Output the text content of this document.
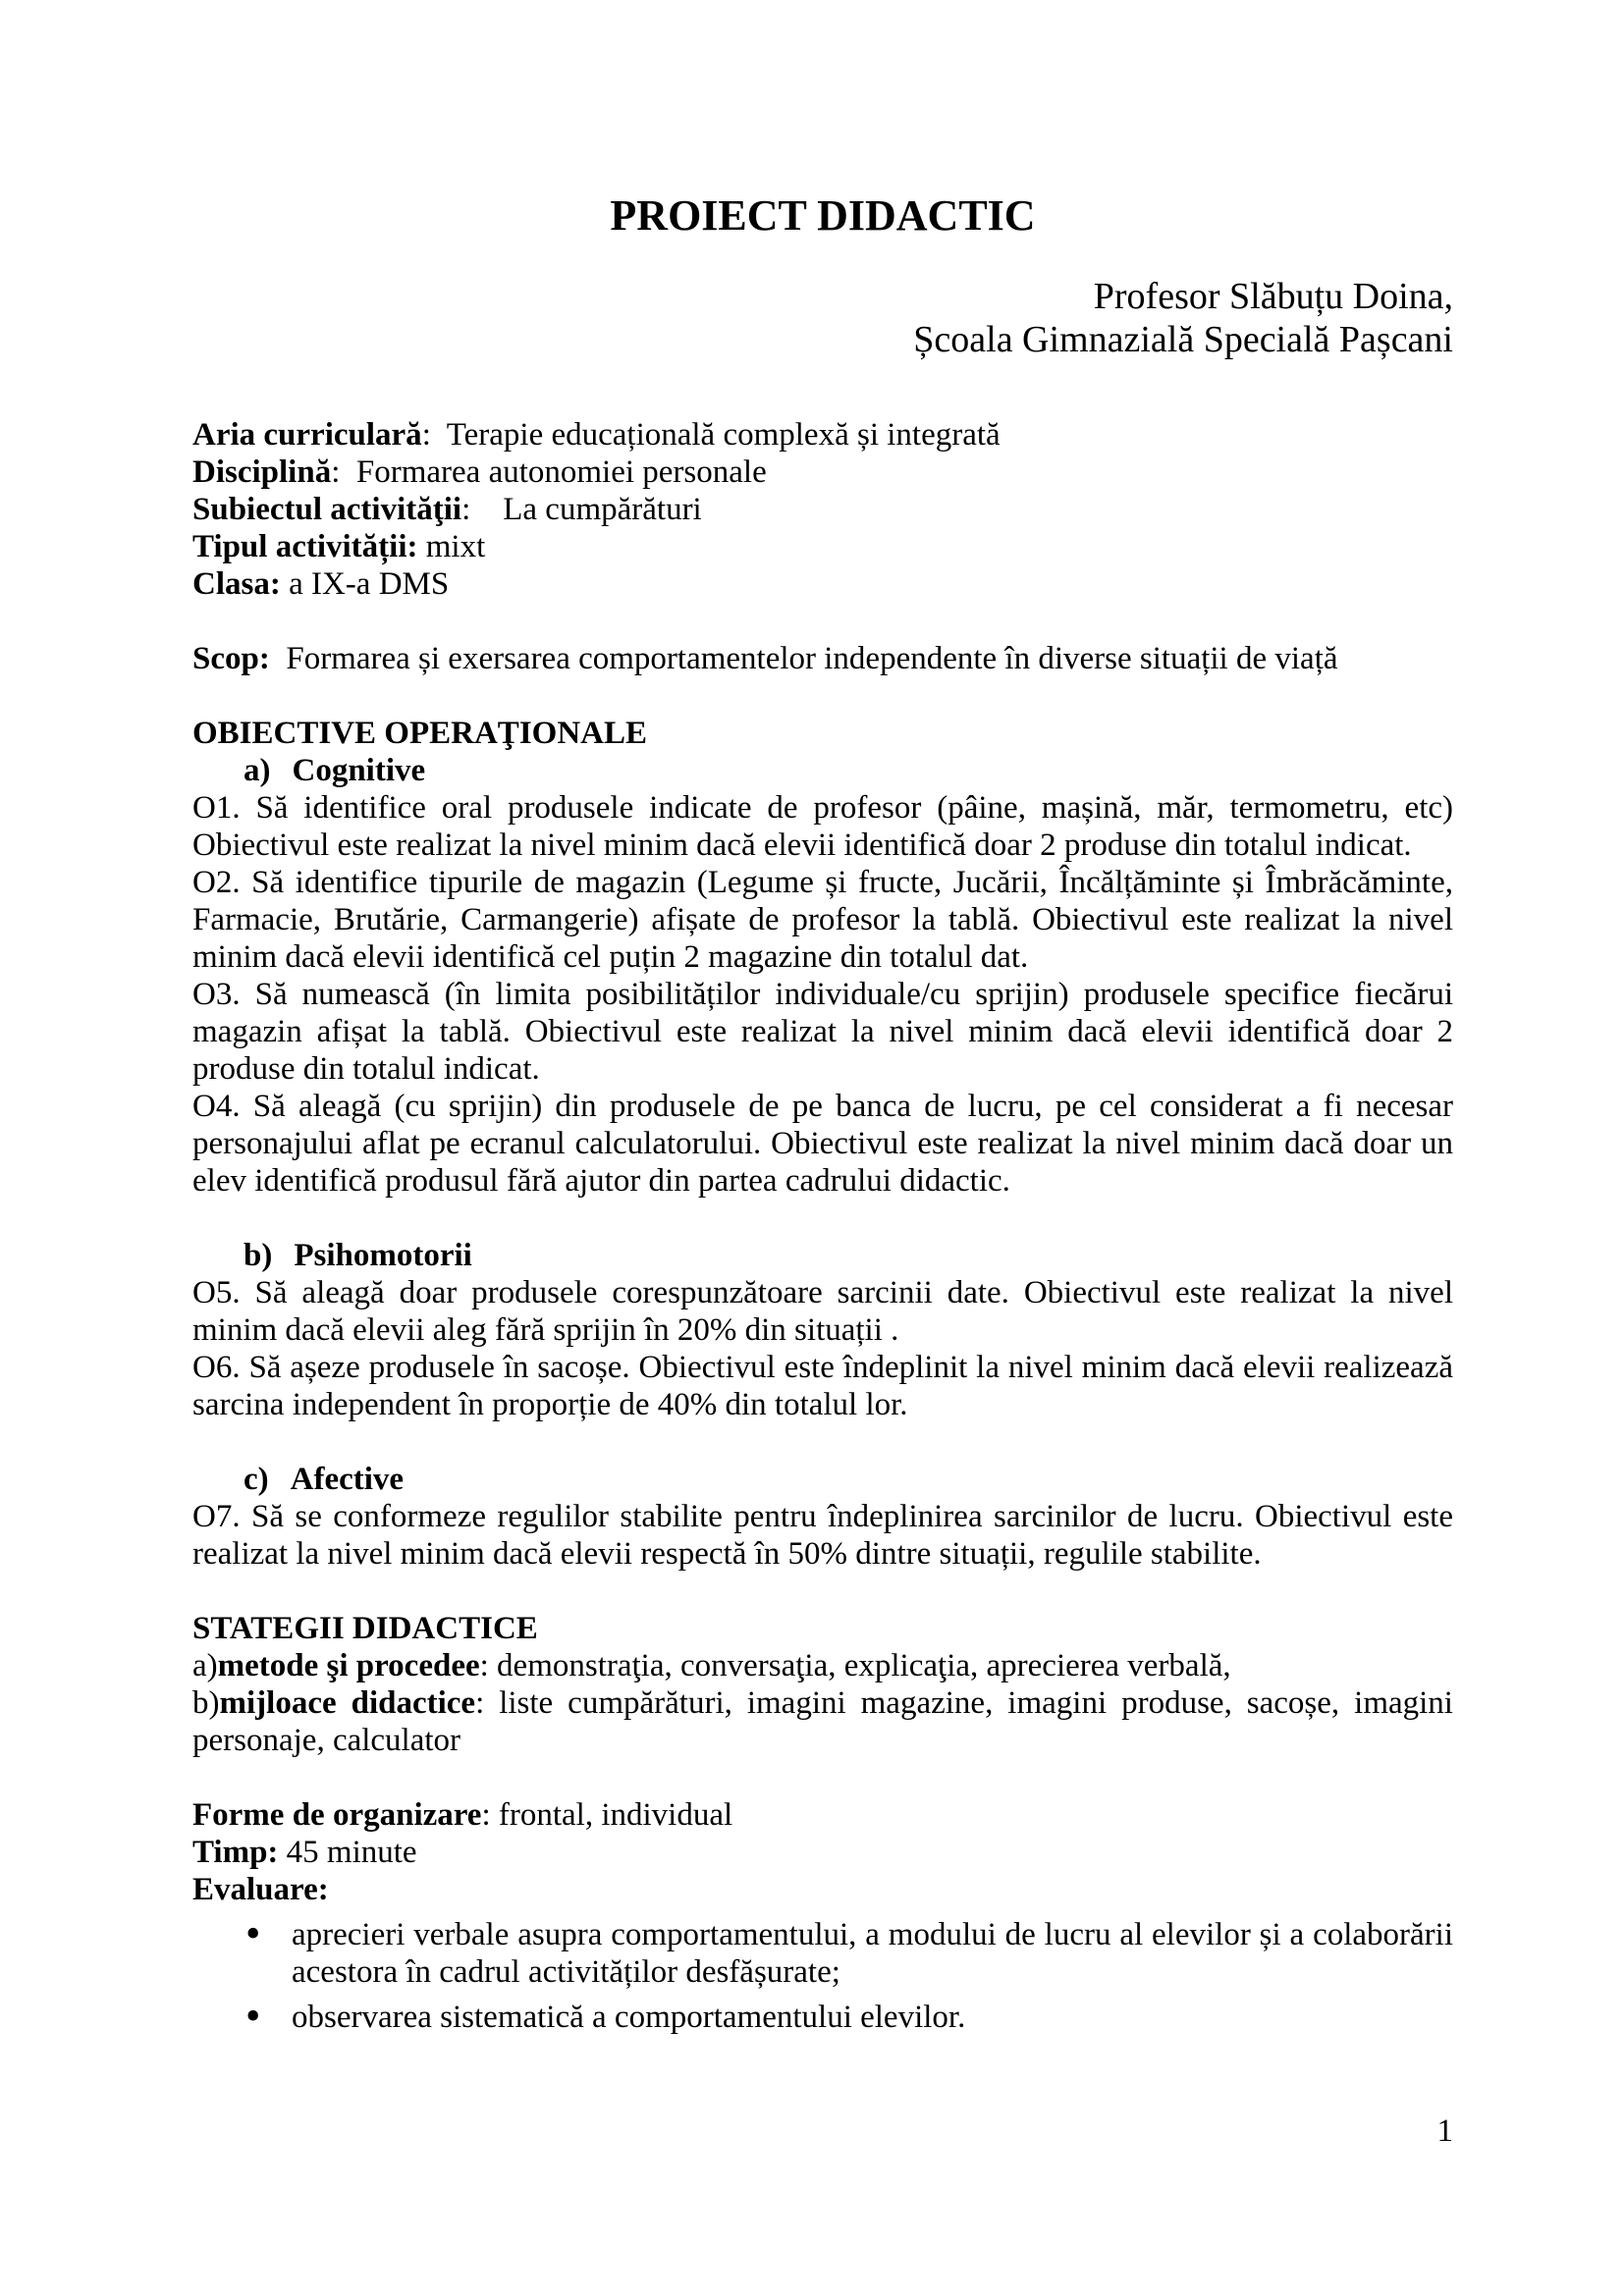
PROIECT DIDACTIC
Profesor Slăbuțu Doina,
Școala Gimnazială Specială Pașcani
Aria curriculară:  Terapie educațională complexă și integrată
Disciplină:  Formarea autonomiei personale
Subiectul activităţii:    La cumpărături
Tipul activității: mixt
Clasa: a IX-a DMS
Scop:  Formarea și exersarea comportamentelor independente în diverse situații de viață
OBIECTIVE OPERAŢIONALE
a) Cognitive

O1. Să identifice oral produsele indicate de profesor (pâine, mașină, măr, termometru, etc) Obiectivul este realizat la nivel minim dacă elevii identifică doar 2 produse din totalul indicat.

O2. Să identifice tipurile de magazin (Legume și fructe, Jucării, Încălțăminte și Îmbrăcăminte, Farmacie, Brutărie, Carmangerie) afișate de profesor la tablă. Obiectivul este realizat la nivel minim dacă elevii identifică cel puțin 2 magazine din totalul dat.

O3. Să numească (în limita posibilităților individuale/cu sprijin) produsele specifice fiecărui magazin afișat la tablă. Obiectivul este realizat la nivel minim dacă elevii identifică doar 2 produse din totalul indicat.

O4. Să aleagă (cu sprijin) din produsele de pe banca de lucru, pe cel considerat a fi necesar personajului aflat pe ecranul calculatorului. Obiectivul este realizat la nivel minim dacă doar un elev identifică produsul fără ajutor din partea cadrului didactic.

b) Psihomotorii

O5. Să aleagă doar produsele corespunzătoare sarcinii date. Obiectivul este realizat la nivel minim dacă elevii aleg fără sprijin în 20% din situații .

O6. Să așeze produsele în sacoșe. Obiectivul este îndeplinit la nivel minim dacă elevii realizează sarcina independent în proporție de 40% din totalul lor.

c) Afective

O7. Să se conformeze regulilor stabilite pentru îndeplinirea sarcinilor de lucru. Obiectivul este realizat la nivel minim dacă elevii respectă în 50% dintre situații, regulile stabilite.

STATEGII DIDACTICE
a)metode şi procedee: demonstraţia, conversaţia, explicaţia, aprecierea verbală,
b)mijloace didactice: liste cumpărături, imagini magazine, imagini produse, sacoșe, imagini personaje, calculator
Forme de organizare: frontal, individual
Timp: 45 minute
Evaluare:
• aprecieri verbale asupra comportamentului, a modului de lucru al elevilor și a colaborării acestora în cadrul activităților desfășurate;
• observarea sistematică a comportamentului elevilor.
1
